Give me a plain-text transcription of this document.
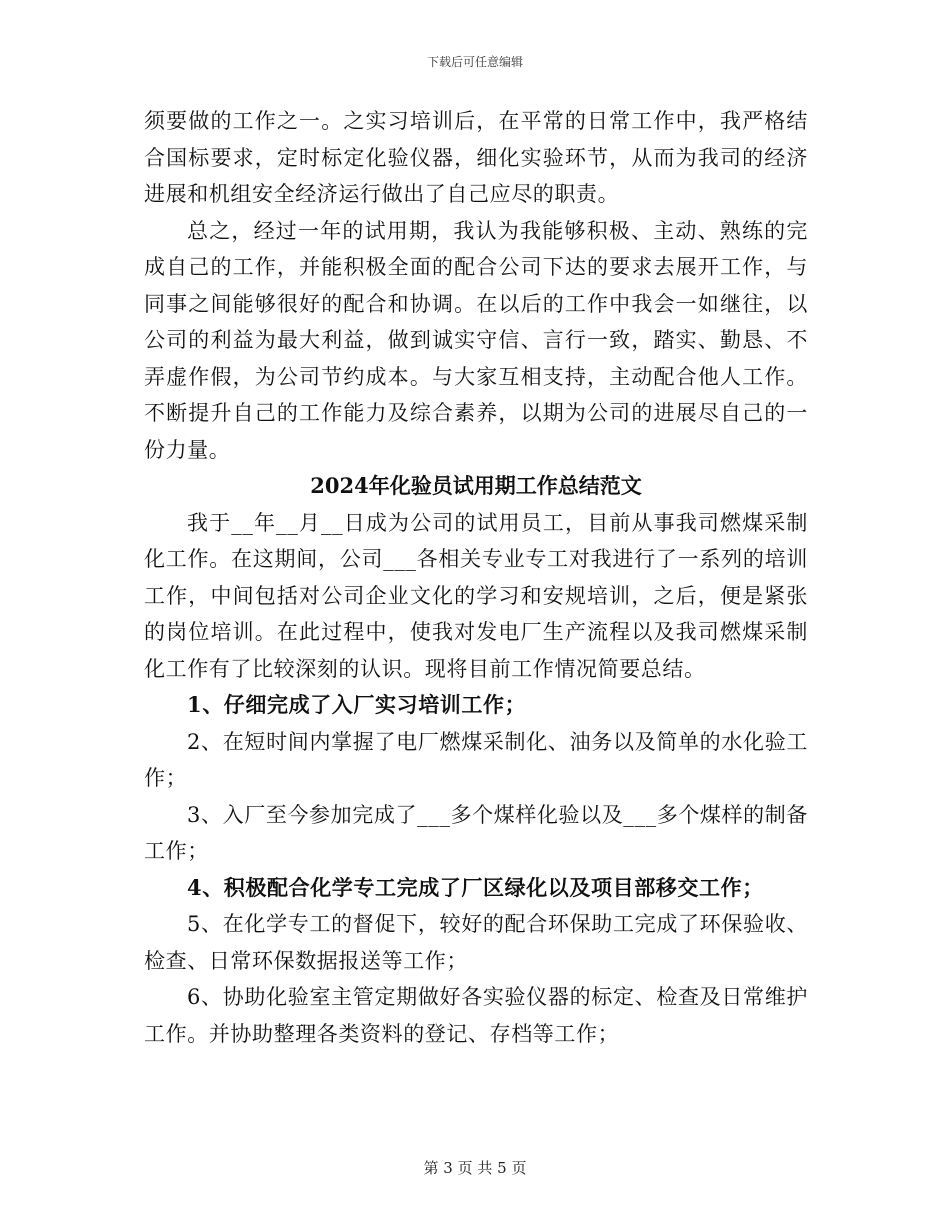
下载后可任意编辑

须要做的工作之一。之实习培训后，在平常的日常工作中，我严格结合国标要求，定时标定化验仪器，细化实验环节，从而为我司的经济进展和机组安全经济运行做出了自己应尽的职责。

总之，经过一年的试用期，我认为我能够积极、主动、熟练的完成自己的工作，并能积极全面的配合公司下达的要求去展开工作，与同事之间能够很好的配合和协调。在以后的工作中我会一如继往，以公司的利益为最大利益，做到诚实守信、言行一致，踏实、勤恳、不弄虚作假，为公司节约成本。与大家互相支持，主动配合他人工作。不断提升自己的工作能力及综合素养，以期为公司的进展尽自己的一份力量。

2024年化验员试用期工作总结范文

我于__年__月__日成为公司的试用员工，目前从事我司燃煤采制化工作。在这期间，公司___各相关专业专工对我进行了一系列的培训工作，中间包括对公司企业文化的学习和安规培训，之后，便是紧张的岗位培训。在此过程中，使我对发电厂生产流程以及我司燃煤采制化工作有了比较深刻的认识。现将目前工作情况简要总结。

1、仔细完成了入厂实习培训工作；

2、在短时间内掌握了电厂燃煤采制化、油务以及简单的水化验工作；

3、入厂至今参加完成了___多个煤样化验以及___多个煤样的制备工作；

4、积极配合化学专工完成了厂区绿化以及项目部移交工作；

5、在化学专工的督促下，较好的配合环保助工完成了环保验收、检查、日常环保数据报送等工作；

6、协助化验室主管定期做好各实验仪器的标定、检查及日常维护工作。并协助整理各类资料的登记、存档等工作；

第 3 页 共 5 页
